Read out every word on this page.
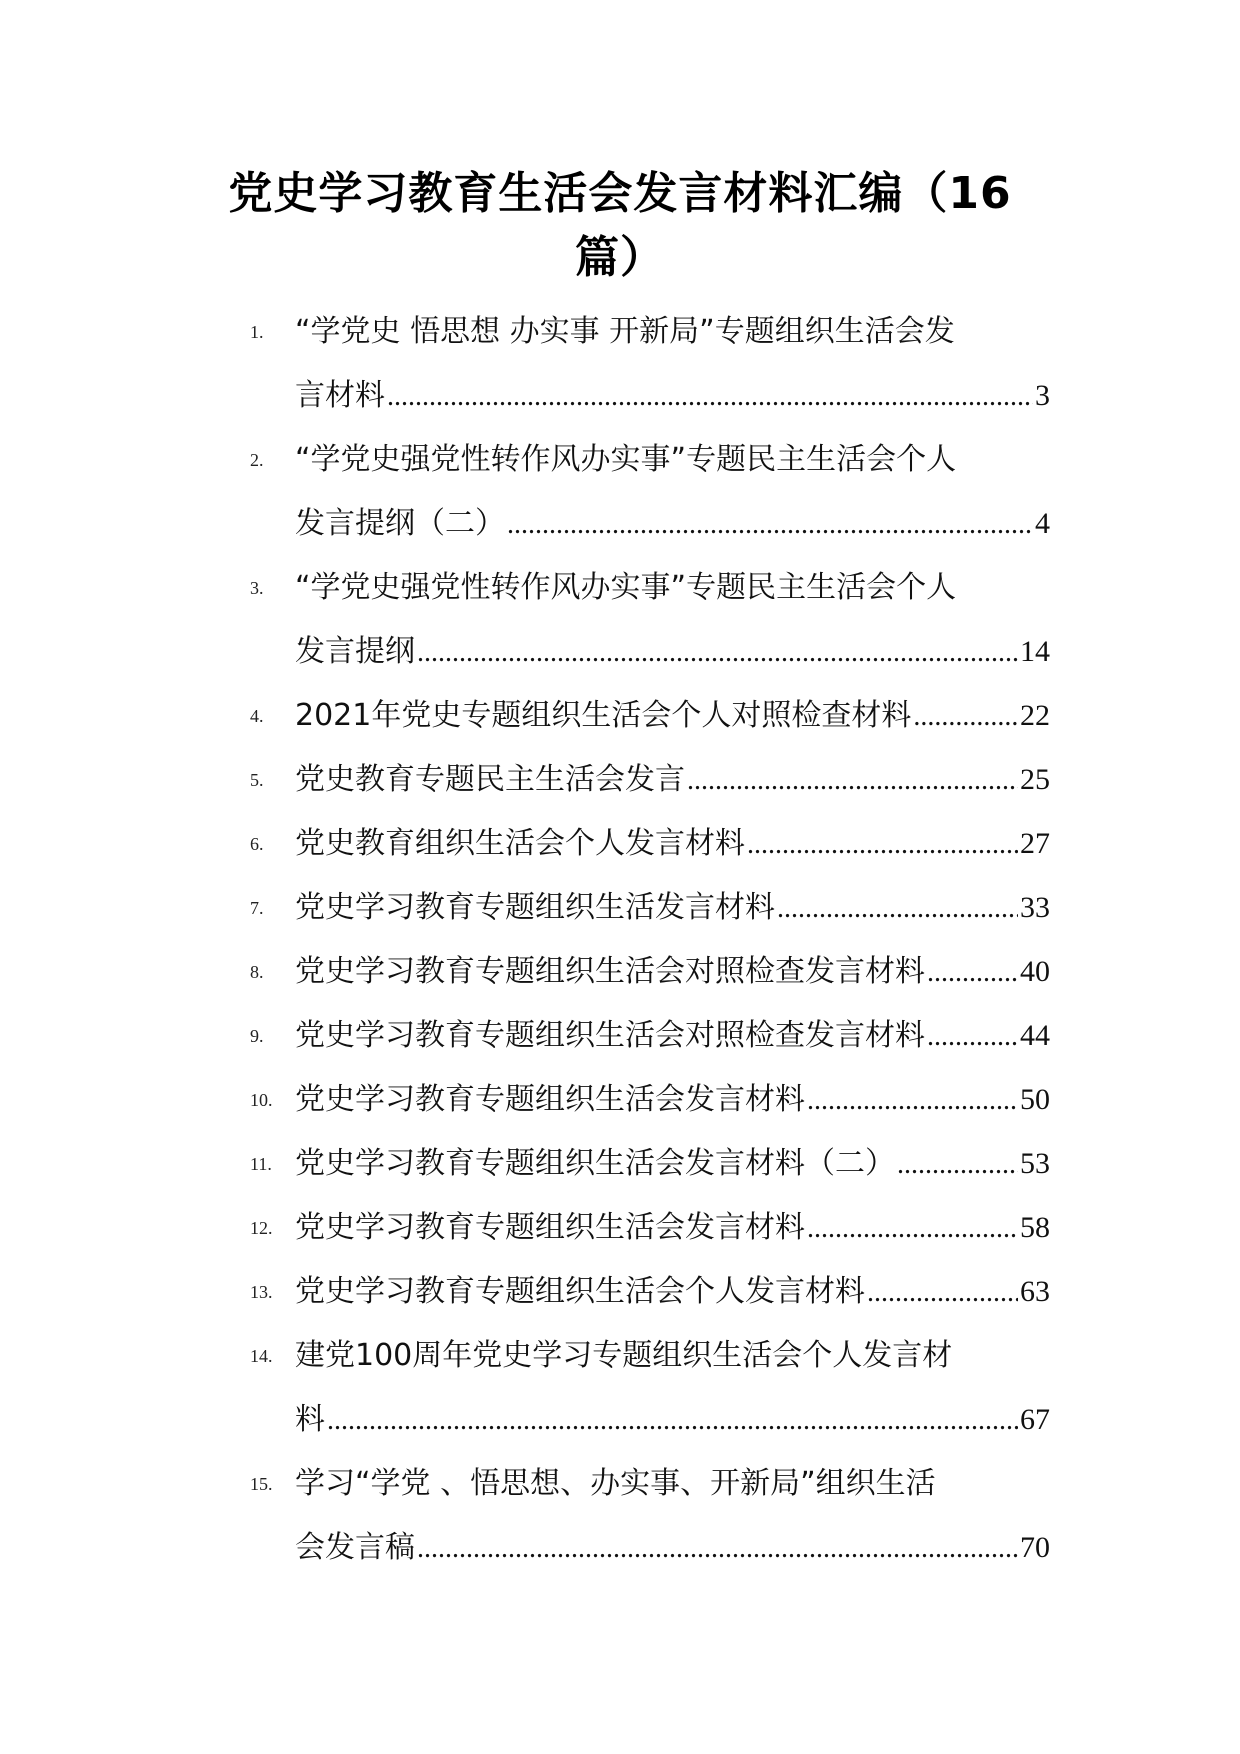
党史学习教育生活会发言材料汇编（16
篇）
1.	“学党史 悟思想 办实事 开新局”专题组织生活会发
言材料 .....	3
2.	“学党史强党性转作风办实事”专题民主生活会个人
发言提纲（二） .....	4
3.	“学党史强党性转作风办实事”专题民主生活会个人
发言提纲 .....	14
4.	2021年党史专题组织生活会个人对照检查材料 .....	22
5.	党史教育专题民主生活会发言 .....	25
6.	党史教育组织生活会个人发言材料 .....	27
7.	党史学习教育专题组织生活发言材料 .....	33
8.	党史学习教育专题组织生活会对照检查发言材料 .....	40
9.	党史学习教育专题组织生活会对照检查发言材料 .....	44
10. 党史学习教育专题组织生活会发言材料 .....	50
11. 党史学习教育专题组织生活会发言材料（二） .....	53
12. 党史学习教育专题组织生活会发言材料 .....	58
13. 党史学习教育专题组织生活会个人发言材料 .....	63
14. 建党100周年党史学习专题组织生活会个人发言材
料 .....	67
15. 学习“学党 、悟思想、办实事、开新局”组织生活
会发言稿 .....	70
